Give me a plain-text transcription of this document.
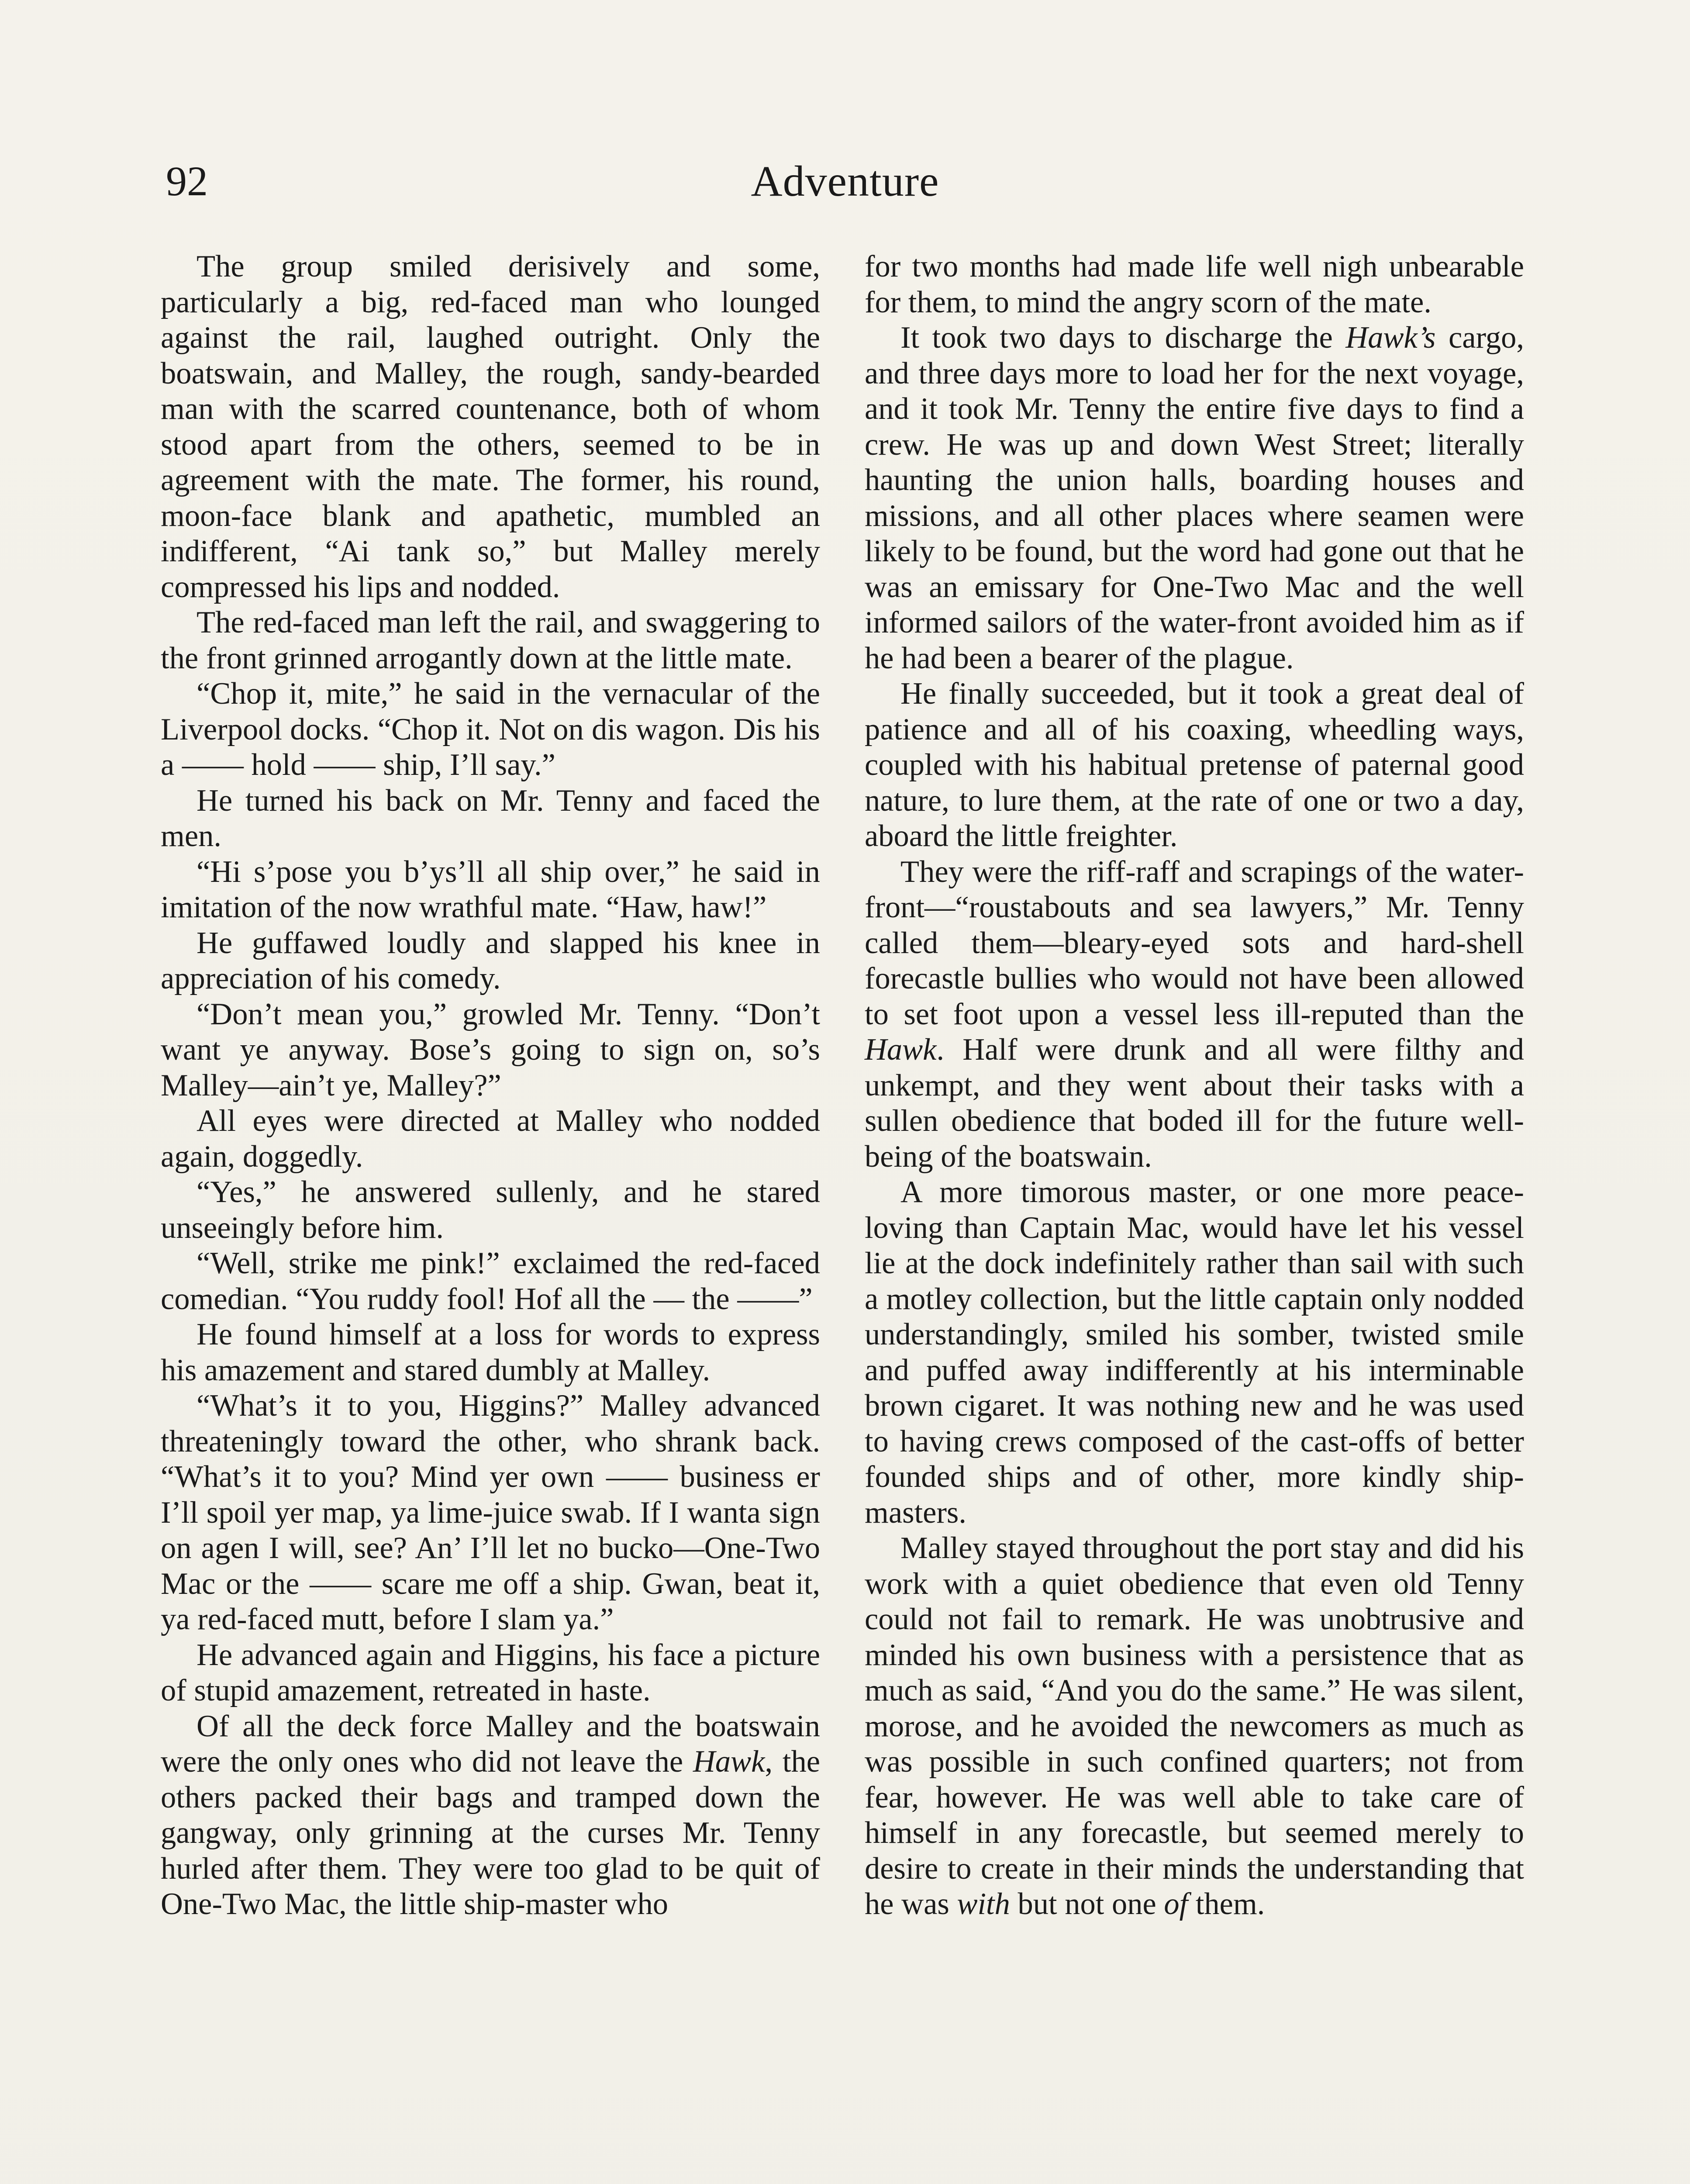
92	Adventure

The group smiled derisively and some, particularly a big, red-faced man who lounged against the rail, laughed outright. Only the boatswain, and Malley, the rough, sandy-bearded man with the scarred countenance, both of whom stood apart from the others, seemed to be in agreement with the mate. The former, his round, moon-face blank and apathetic, mumbled an indifferent, “Ai tank so,” but Malley merely compressed his lips and nodded.

The red-faced man left the rail, and swaggering to the front grinned arrogantly down at the little mate.

“Chop it, mite,” he said in the vernacular of the Liverpool docks. “Chop it. Not on dis wagon. Dis his a —— hold —— ship, I’ll say.”

He turned his back on Mr. Tenny and faced the men.

“Hi s’pose you b’ys’ll all ship over,” he said in imitation of the now wrathful mate. “Haw, haw!”

He guffawed loudly and slapped his knee in appreciation of his comedy.

“Don’t mean you,” growled Mr. Tenny. “Don’t want ye anyway. Bose’s going to sign on, so’s Malley—ain’t ye, Malley?”

All eyes were directed at Malley who nodded again, doggedly.

“Yes,” he answered sullenly, and he stared unseeingly before him.

“Well, strike me pink!” exclaimed the red-faced comedian. “You ruddy fool! Hof all the — the ——”

He found himself at a loss for words to express his amazement and stared dumbly at Malley.

“What’s it to you, Higgins?” Malley advanced threateningly toward the other, who shrank back. “What’s it to you? Mind yer own —— business er I’ll spoil yer map, ya lime-juice swab. If I wanta sign on agen I will, see? An’ I’ll let no bucko—One-Two Mac or the —— scare me off a ship. Gwan, beat it, ya red-faced mutt, before I slam ya.”

He advanced again and Higgins, his face a picture of stupid amazement, retreated in haste.

Of all the deck force Malley and the boatswain were the only ones who did not leave the Hawk, the others packed their bags and tramped down the gangway, only grinning at the curses Mr. Tenny hurled after them. They were too glad to be quit of One-Two Mac, the little ship-master who

for two months had made life well nigh unbearable for them, to mind the angry scorn of the mate.

It took two days to discharge the Hawk’s cargo, and three days more to load her for the next voyage, and it took Mr. Tenny the entire five days to find a crew. He was up and down West Street; literally haunting the union halls, boarding houses and missions, and all other places where seamen were likely to be found, but the word had gone out that he was an emissary for One-Two Mac and the well informed sailors of the water-front avoided him as if he had been a bearer of the plague.

He finally succeeded, but it took a great deal of patience and all of his coaxing, wheedling ways, coupled with his habitual pretense of paternal good nature, to lure them, at the rate of one or two a day, aboard the little freighter.

They were the riff-raff and scrapings of the water-front—“roustabouts and sea lawyers,” Mr. Tenny called them—bleary-eyed sots and hard-shell forecastle bullies who would not have been allowed to set foot upon a vessel less ill-reputed than the Hawk. Half were drunk and all were filthy and unkempt, and they went about their tasks with a sullen obedience that boded ill for the future well-being of the boatswain.

A more timorous master, or one more peace-loving than Captain Mac, would have let his vessel lie at the dock indefinitely rather than sail with such a motley collection, but the little captain only nodded understandingly, smiled his somber, twisted smile and puffed away indifferently at his interminable brown cigaret. It was nothing new and he was used to having crews composed of the cast-offs of better founded ships and of other, more kindly ship-masters.

Malley stayed throughout the port stay and did his work with a quiet obedience that even old Tenny could not fail to remark. He was unobtrusive and minded his own business with a persistence that as much as said, “And you do the same.” He was silent, morose, and he avoided the newcomers as much as was possible in such confined quarters; not from fear, however. He was well able to take care of himself in any forecastle, but seemed merely to desire to create in their minds the understanding that he was with but not one of them.
